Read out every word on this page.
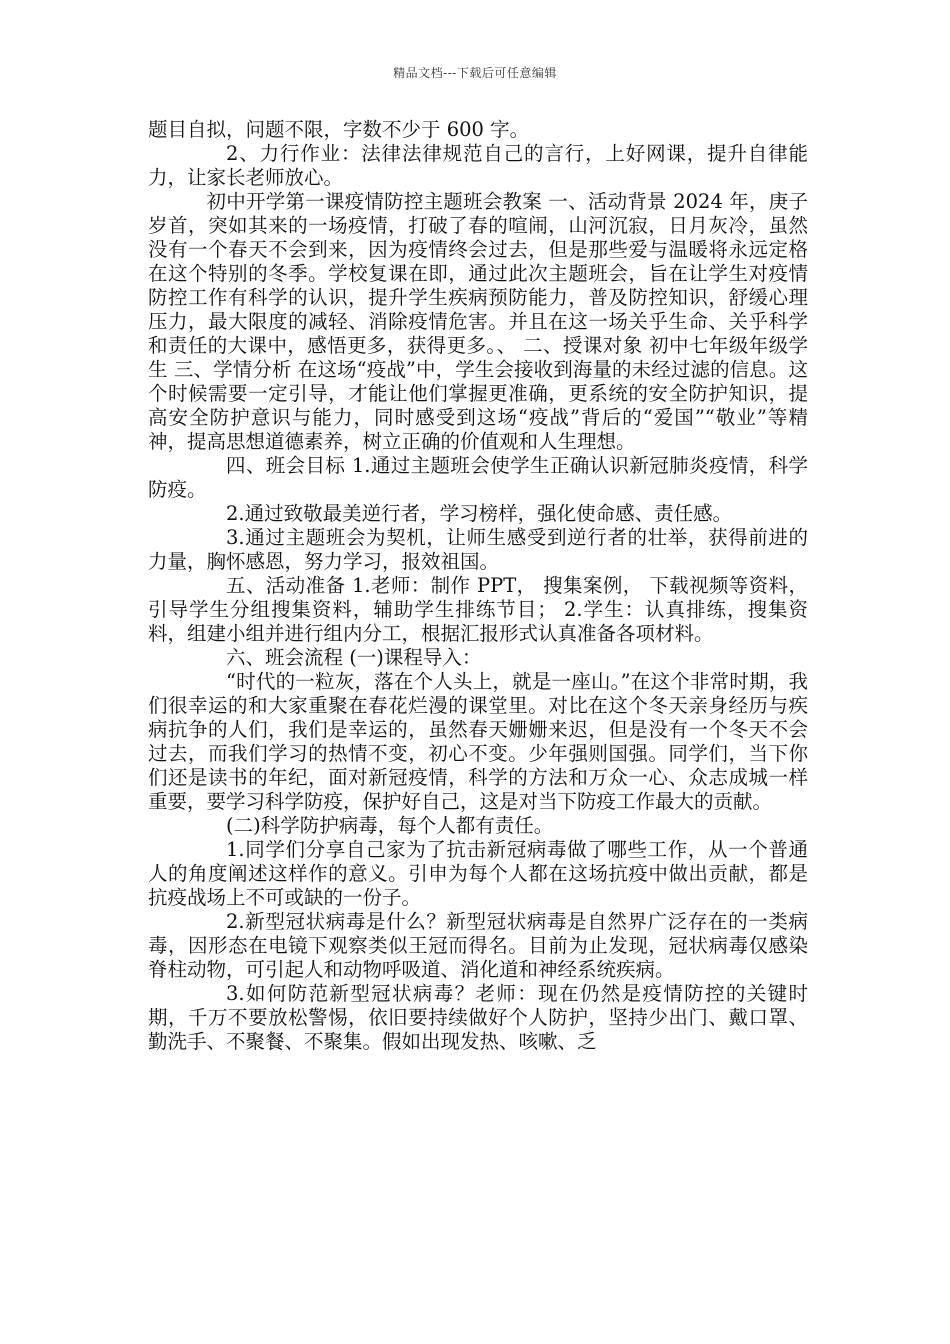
精品文档---下载后可任意编辑

题目自拟，问题不限，字数不少于 600 字。

2、力行作业：法律法律规范自己的言行，上好网课，提升自律能力，让家长老师放心。

初中开学第一课疫情防控主题班会教案 一、活动背景 2024 年，庚子岁首，突如其来的一场疫情，打破了春的喧闹，山河沉寂，日月灰冷，虽然没有一个春天不会到来，因为疫情终会过去，但是那些爱与温暖将永远定格在这个特别的冬季。学校复课在即，通过此次主题班会，旨在让学生对疫情防控工作有科学的认识，提升学生疾病预防能力，普及防控知识，舒缓心理压力，最大限度的减轻、消除疫情危害。并且在这一场关乎生命、关乎科学和责任的大课中，感悟更多，获得更多。、 二、授课对象 初中七年级年级学生 三、学情分析 在这场“疫战”中，学生会接收到海量的未经过滤的信息。这个时候需要一定引导，才能让他们掌握更准确，更系统的安全防护知识，提高安全防护意识与能力，同时感受到这场“疫战”背后的“爱国”“敬业”等精神，提高思想道德素养，树立正确的价值观和人生理想。

四、班会目标 1.通过主题班会使学生正确认识新冠肺炎疫情，科学防疫。

2.通过致敬最美逆行者，学习榜样，强化使命感、责任感。

3.通过主题班会为契机，让师生感受到逆行者的壮举，获得前进的力量，胸怀感恩，努力学习，报效祖国。

五、活动准备 1.老师：制作 PPT， 搜集案例， 下载视频等资料， 引导学生分组搜集资料，辅助学生排练节目； 2.学生：认真排练，搜集资料，组建小组并进行组内分工，根据汇报形式认真准备各项材料。

六、班会流程 (一)课程导入：

“时代的一粒灰，落在个人头上，就是一座山。”在这个非常时期，我们很幸运的和大家重聚在春花烂漫的课堂里。对比在这个冬天亲身经历与疾病抗争的人们，我们是幸运的，虽然春天姗姗来迟，但是没有一个冬天不会过去，而我们学习的热情不变，初心不变。少年强则国强。同学们，当下你们还是读书的年纪，面对新冠疫情，科学的方法和万众一心、众志成城一样重要，要学习科学防疫，保护好自己，这是对当下防疫工作最大的贡献。

(二)科学防护病毒，每个人都有责任。

1.同学们分享自己家为了抗击新冠病毒做了哪些工作，从一个普通人的角度阐述这样作的意义。引申为每个人都在这场抗疫中做出贡献，都是抗疫战场上不可或缺的一份子。

2.新型冠状病毒是什么？新型冠状病毒是自然界广泛存在的一类病毒，因形态在电镜下观察类似王冠而得名。目前为止发现，冠状病毒仅感染脊柱动物，可引起人和动物呼吸道、消化道和神经系统疾病。

3.如何防范新型冠状病毒？老师：现在仍然是疫情防控的关键时期，千万不要放松警惕，依旧要持续做好个人防护，坚持少出门、戴口罩、勤洗手、不聚餐、不聚集。假如出现发热、咳嗽、乏
